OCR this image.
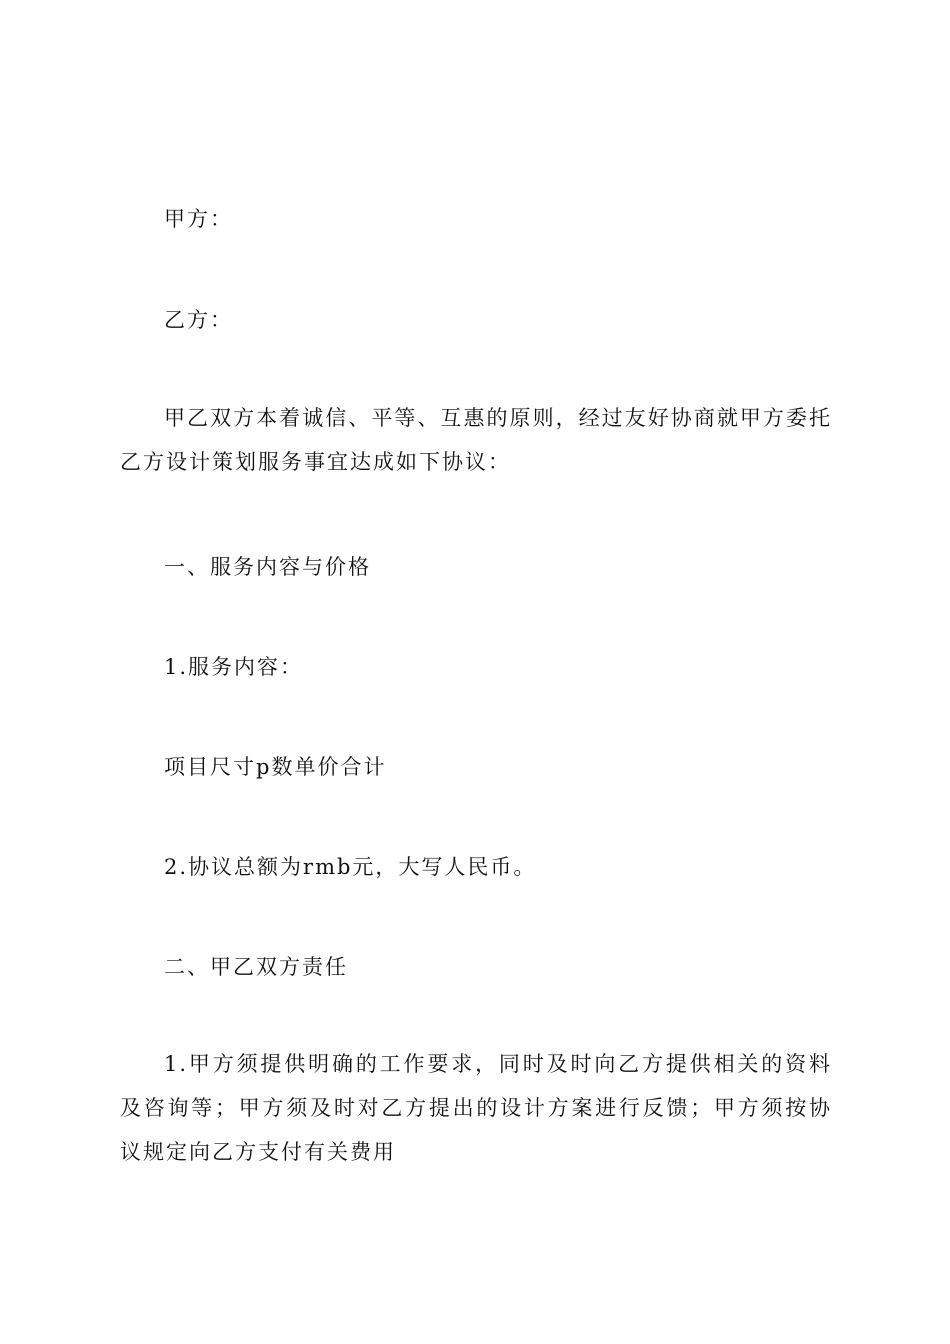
甲方：
乙方：

甲乙双方本着诚信、平等、互惠的原则，经过友好协商就甲方委托乙方设计策划服务事宜达成如下协议：

一、服务内容与价格
1.服务内容：
项目尺寸p数单价合计
2.协议总额为rmb元，大写人民币。
二、甲乙双方责任

1.甲方须提供明确的工作要求，同时及时向乙方提供相关的资料及咨询等；甲方须及时对乙方提出的设计方案进行反馈；甲方须按协议规定向乙方支付有关费用
